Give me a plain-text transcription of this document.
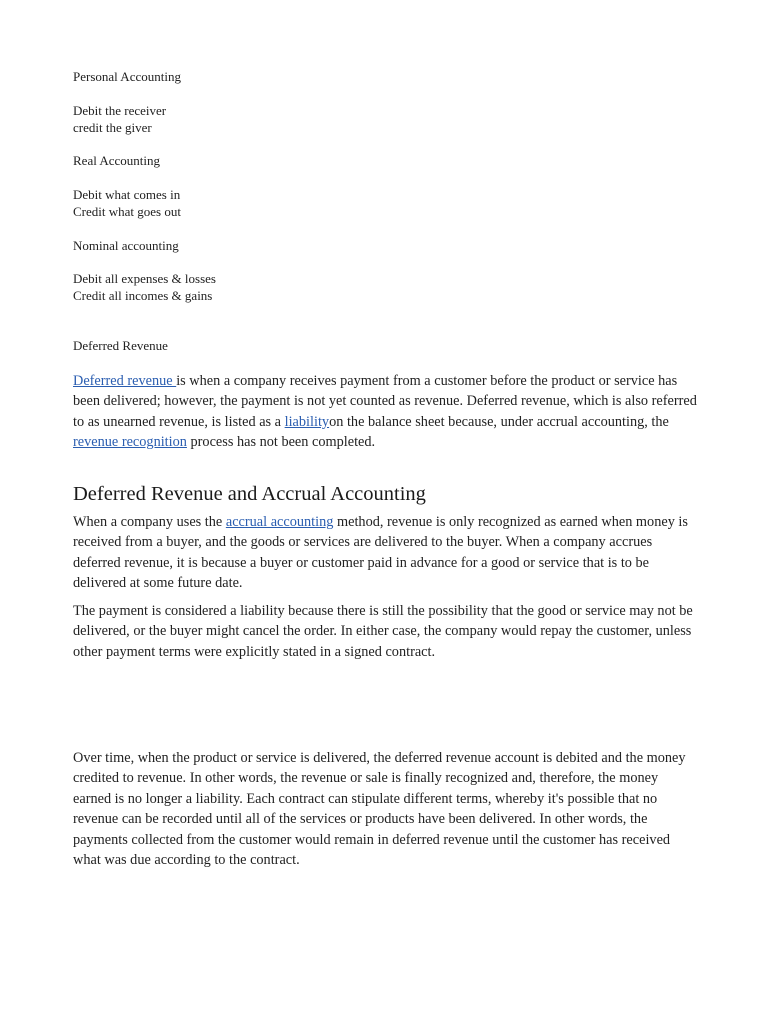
Personal Accounting
Debit the receiver
credit the giver
Real Accounting
Debit what comes in
Credit what goes out
Nominal accounting
Debit all expenses & losses
Credit all incomes & gains
Deferred Revenue

Deferred revenue is when a company receives payment from a customer before the product or service has been delivered; however, the payment is not yet counted as revenue. Deferred revenue, which is also referred to as unearned revenue, is listed as a liabilityon the balance sheet because, under accrual accounting, the revenue recognition process has not been completed.

Deferred Revenue and Accrual Accounting

When a company uses the accrual accounting method, revenue is only recognized as earned when money is received from a buyer, and the goods or services are delivered to the buyer. When a company accrues deferred revenue, it is because a buyer or customer paid in advance for a good or service that is to be delivered at some future date.

The payment is considered a liability because there is still the possibility that the good or service may not be delivered, or the buyer might cancel the order. In either case, the company would repay the customer, unless other payment terms were explicitly stated in a signed contract.

Over time, when the product or service is delivered, the deferred revenue account is debited and the money credited to revenue. In other words, the revenue or sale is finally recognized and, therefore, the money earned is no longer a liability. Each contract can stipulate different terms, whereby it's possible that no revenue can be recorded until all of the services or products have been delivered. In other words, the payments collected from the customer would remain in deferred revenue until the customer has received what was due according to the contract.
